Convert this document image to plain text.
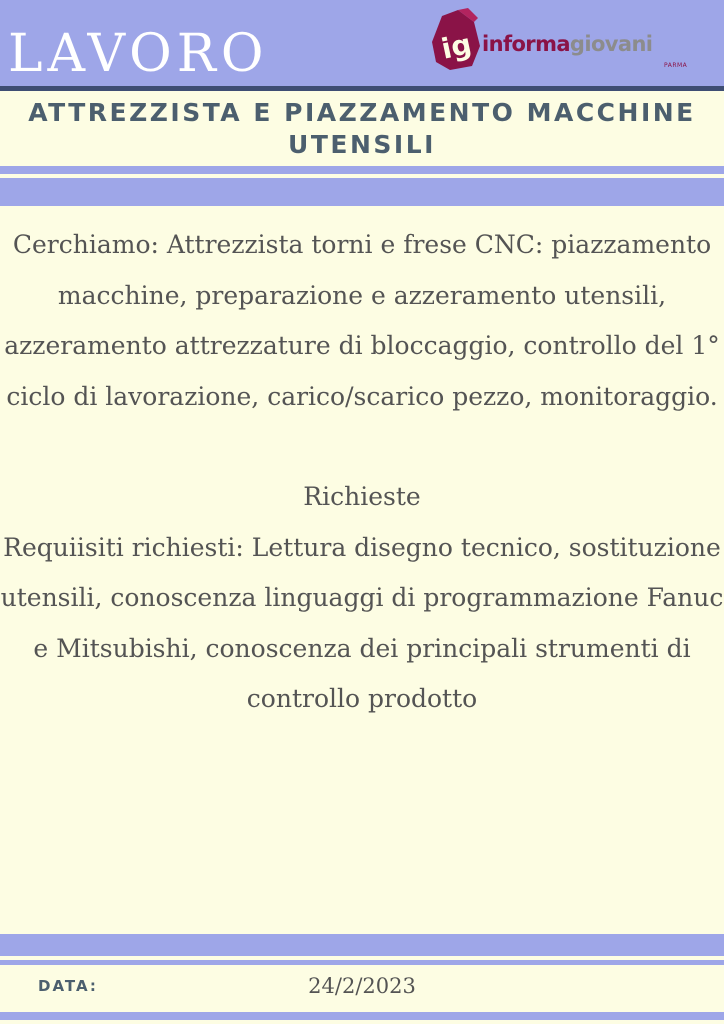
LAVORO	ig informagiovani
PARMA
ATTREZZISTA E PIAZZAMENTO MACCHINE UTENSILI

Cerchiamo: Attrezzista torni e frese CNC: piazzamento macchine, preparazione e azzeramento utensili, azzeramento attrezzature di bloccaggio, controllo del 1° ciclo di lavorazione, carico/scarico pezzo, monitoraggio.

Richieste

Requiisiti richiesti: Lettura disegno tecnico, sostituzione utensili, conoscenza linguaggi di programmazione Fanuc e Mitsubishi, conoscenza dei principali strumenti di controllo prodotto

DATA:	24/2/2023
